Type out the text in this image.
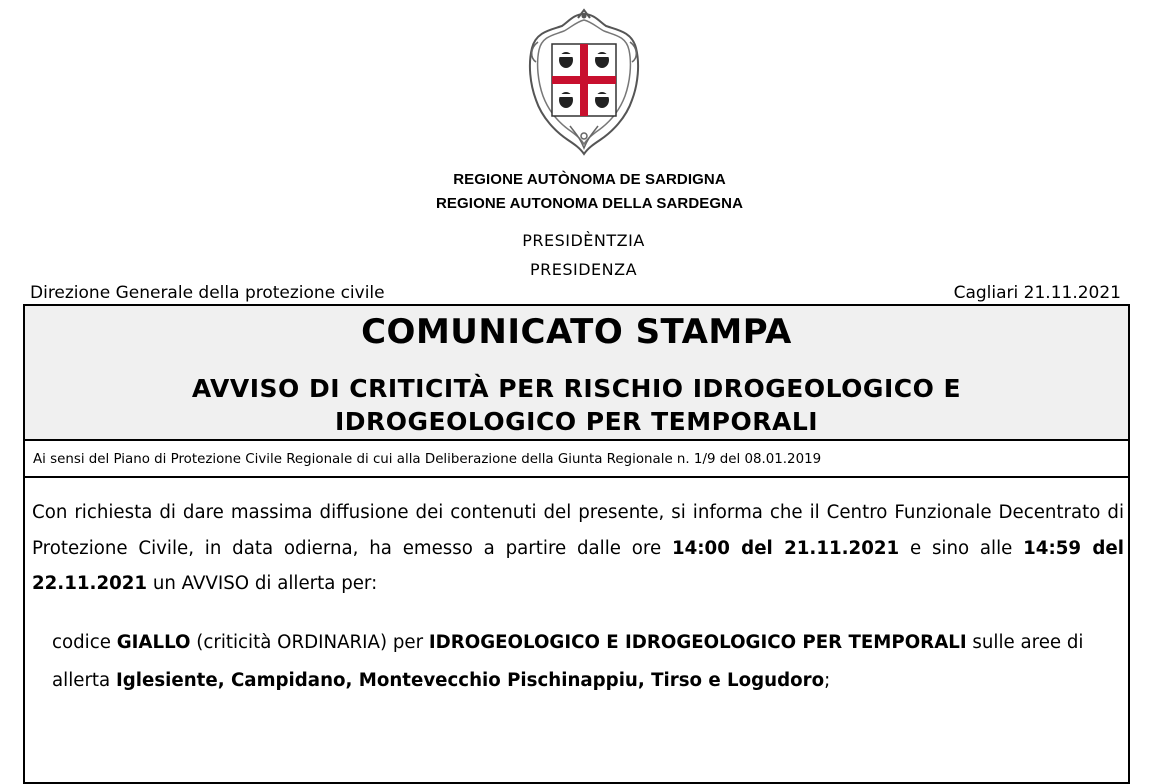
REGIONE AUTÒNOMA DE SARDIGNA
REGIONE AUTONOMA DELLA SARDEGNA
PRESIDÈNTZIA
PRESIDENZA
Direzione Generale della protezione civile	Cagliari 21.11.2021
COMUNICATO STAMPA
AVVISO DI CRITICITÀ PER RISCHIO IDROGEOLOGICO E
IDROGEOLOGICO PER TEMPORALI
Ai sensi del Piano di Protezione Civile Regionale di cui alla Deliberazione della Giunta Regionale n. 1/9 del 08.01.2019
Con richiesta di dare massima diffusione dei contenuti del presente, si informa che il Centro Funzionale Decentrato di Protezione Civile, in data odierna, ha emesso a partire dalle ore 14:00 del 21.11.2021 e sino alle 14:59 del 22.11.2021 un AVVISO di allerta per:
codice GIALLO (criticità ORDINARIA) per IDROGEOLOGICO E IDROGEOLOGICO PER TEMPORALI sulle aree di allerta Iglesiente, Campidano, Montevecchio Pischinappiu, Tirso e Logudoro;
